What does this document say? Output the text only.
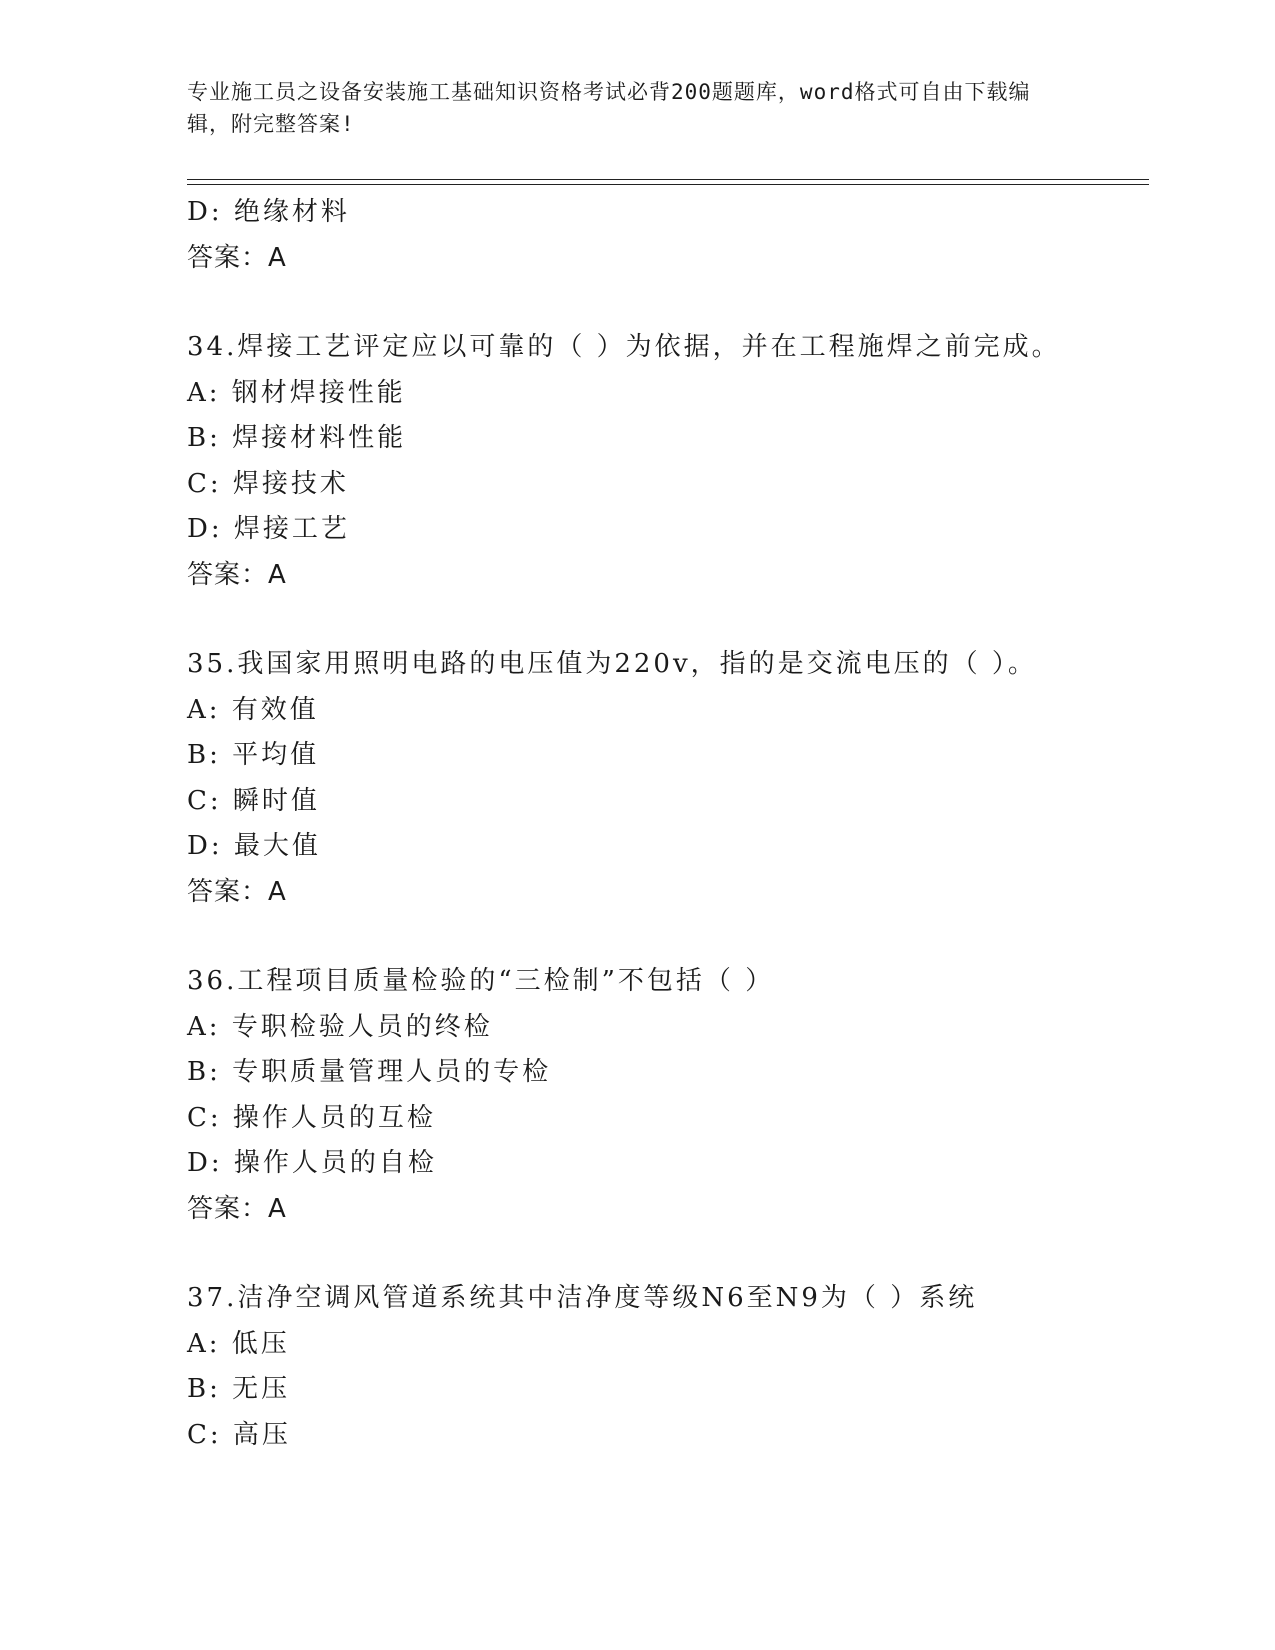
专业施工员之设备安装施工基础知识资格考试必背200题题库，word格式可自由下载编辑，附完整答案!
D: 绝缘材料
答案：A
34.焊接工艺评定应以可靠的（ ）为依据，并在工程施焊之前完成。
A: 钢材焊接性能
B: 焊接材料性能
C: 焊接技术
D: 焊接工艺
答案：A
35.我国家用照明电路的电压值为220v，指的是交流电压的（ ）。
A: 有效值
B: 平均值
C: 瞬时值
D: 最大值
答案：A
36.工程项目质量检验的“三检制”不包括（ ）
A: 专职检验人员的终检
B: 专职质量管理人员的专检
C: 操作人员的互检
D: 操作人员的自检
答案：A
37.洁净空调风管道系统其中洁净度等级N6至N9为（ ）系统
A: 低压
B: 无压
C: 高压
